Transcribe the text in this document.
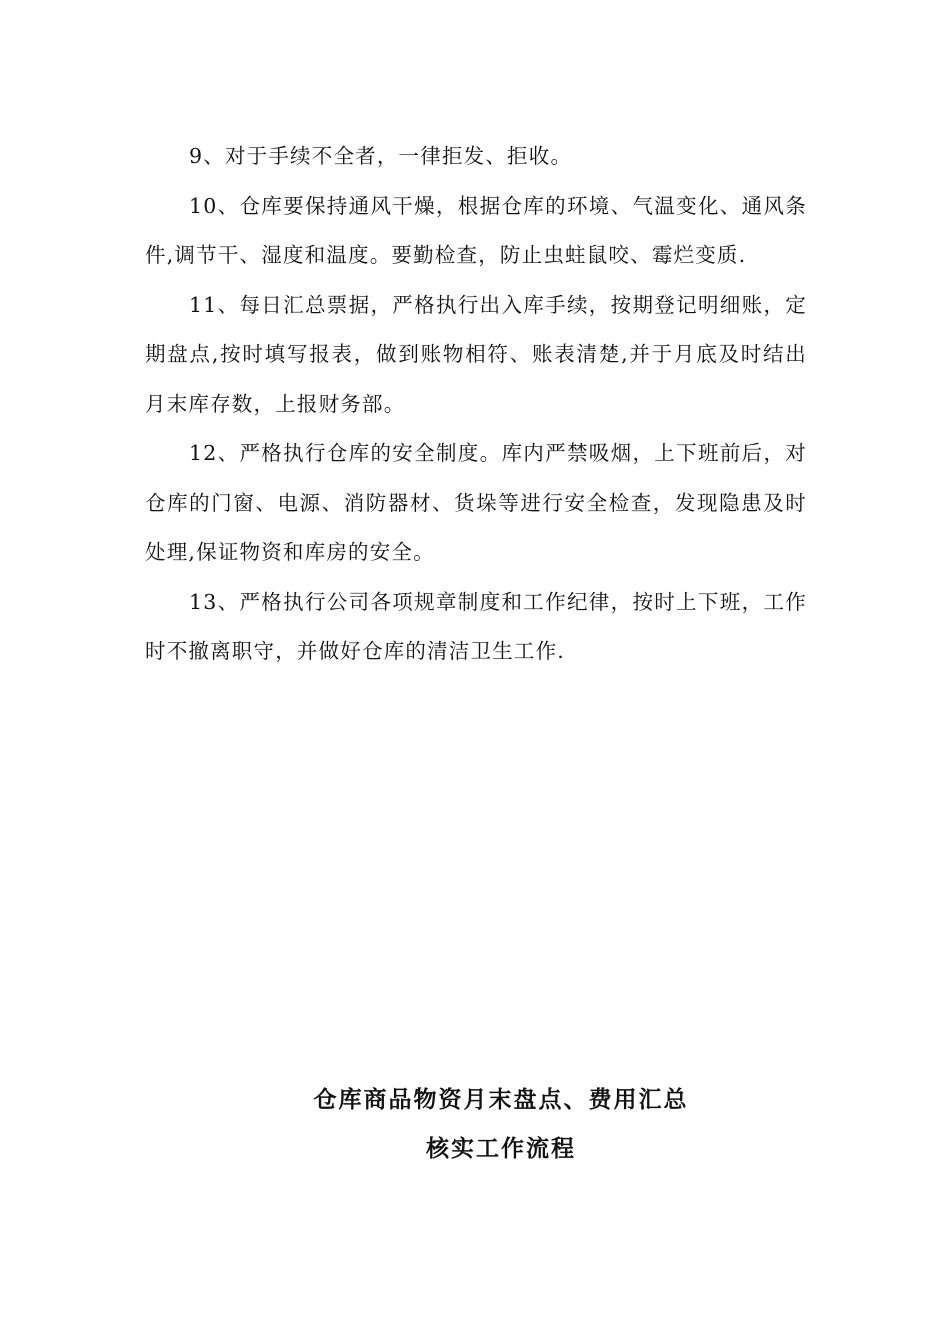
9、对于手续不全者，一律拒发、拒收。

10、仓库要保持通风干燥，根据仓库的环境、气温变化、通风条件,调节干、湿度和温度。要勤检查，防止虫蛀鼠咬、霉烂变质.

11、每日汇总票据，严格执行出入库手续，按期登记明细账，定期盘点,按时填写报表，做到账物相符、账表清楚,并于月底及时结出月末库存数，上报财务部。

12、严格执行仓库的安全制度。库内严禁吸烟，上下班前后，对仓库的门窗、电源、消防器材、货垛等进行安全检查，发现隐患及时处理,保证物资和库房的安全。

13、严格执行公司各项规章制度和工作纪律，按时上下班，工作时不撤离职守，并做好仓库的清洁卫生工作.

仓库商品物资月末盘点、费用汇总
核实工作流程
